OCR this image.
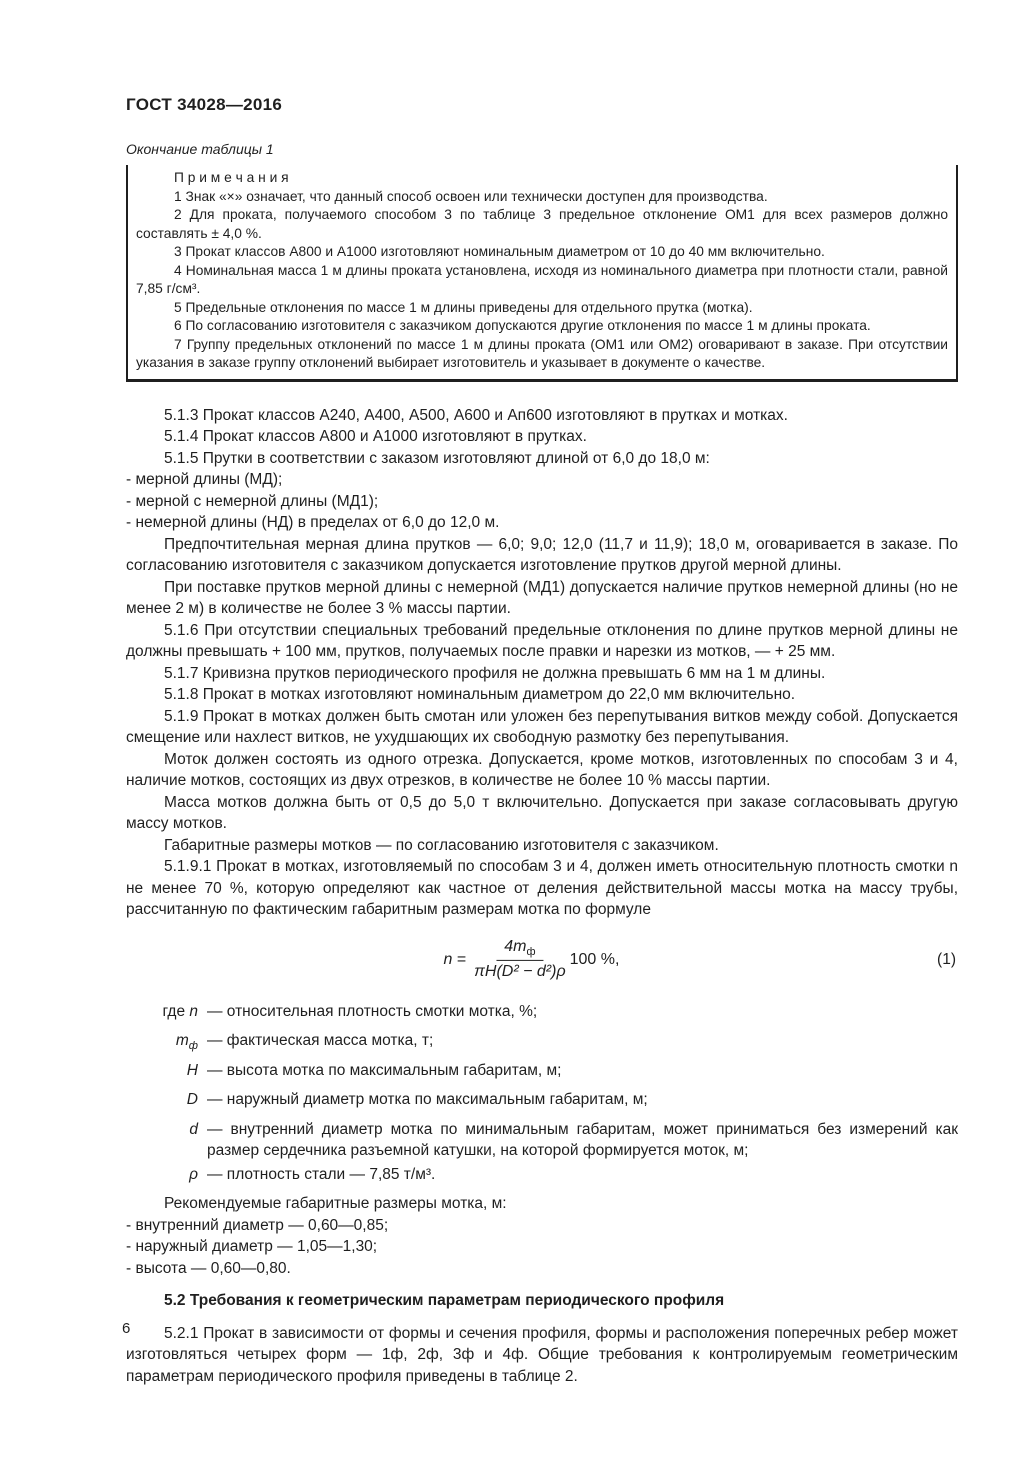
ГОСТ 34028—2016

Окончание таблицы 1

П р и м е ч а н и я

1 Знак «×» означает, что данный способ освоен или технически доступен для производства.

2 Для проката, получаемого способом 3 по таблице 3 предельное отклонение ОМ1 для всех размеров должно составлять ± 4,0 %.

3 Прокат классов А800 и А1000 изготовляют номинальным диаметром от 10 до 40 мм включительно.

4 Номинальная масса 1 м длины проката установлена, исходя из номинального диаметра при плотности стали, равной 7,85 г/см³.

5 Предельные отклонения по массе 1 м длины приведены для отдельного прутка (мотка).

6 По согласованию изготовителя с заказчиком допускаются другие отклонения по массе 1 м длины проката.

7 Группу предельных отклонений по массе 1 м длины проката (ОМ1 или ОМ2) оговаривают в заказе. При отсутствии указания в заказе группу отклонений выбирает изготовитель и указывает в документе о качестве.

5.1.3 Прокат классов А240, А400, А500, А600 и Ап600 изготовляют в прутках и мотках.

5.1.4 Прокат классов А800 и А1000 изготовляют в прутках.

5.1.5 Прутки в соответствии с заказом изготовляют длиной от 6,0 до 18,0 м:

- мерной длины (МД);

- мерной с немерной длины (МД1);

- немерной длины (НД) в пределах от 6,0 до 12,0 м.

Предпочтительная мерная длина прутков — 6,0; 9,0; 12,0 (11,7 и 11,9); 18,0 м, оговаривается в заказе. По согласованию изготовителя с заказчиком допускается изготовление прутков другой мерной длины.

При поставке прутков мерной длины с немерной (МД1) допускается наличие прутков немерной длины (но не менее 2 м) в количестве не более 3 % массы партии.

5.1.6 При отсутствии специальных требований предельные отклонения по длине прутков мерной длины не должны превышать + 100 мм, прутков, получаемых после правки и нарезки из мотков, — + 25 мм.

5.1.7 Кривизна прутков периодического профиля не должна превышать 6 мм на 1 м длины.

5.1.8 Прокат в мотках изготовляют номинальным диаметром до 22,0 мм включительно.

5.1.9 Прокат в мотках должен быть смотан или уложен без перепутывания витков между собой. Допускается смещение или нахлест витков, не ухудшающих их свободную размотку без перепутывания.

Моток должен состоять из одного отрезка. Допускается, кроме мотков, изготовленных по способам 3 и 4, наличие мотков, состоящих из двух отрезков, в количестве не более 10 % массы партии.

Масса мотков должна быть от 0,5 до 5,0 т включительно. Допускается при заказе согласовывать другую массу мотков.

Габаритные размеры мотков — по согласованию изготовителя с заказчиком.

5.1.9.1 Прокат в мотках, изготовляемый по способам 3 и 4, должен иметь относительную плотность смотки n не менее 70 %, которую определяют как частное от деления действительной массы мотка на массу трубы, рассчитанную по фактическим габаритным размерам мотка по формуле

$n = \frac{4m_ф}{\text{πH(D² − d²)ρ}} 100$ %,	(1)
где n — относительная плотность смотки мотка, %;
$m_ф$ — фактическая масса мотка, т;
H — высота мотка по максимальным габаритам, м;
D — наружный диаметр мотка по максимальным габаритам, м;
d — внутренний диаметр мотка по минимальным габаритам, может приниматься без измерений как размер сердечника разъемной катушки, на которой формируется моток, м;
ρ — плотность стали — 7,85 т/м³.

Рекомендуемые габаритные размеры мотка, м:

- внутренний диаметр — 0,60—0,85;

- наружный диаметр — 1,05—1,30;

- высота — 0,60—0,80.

5.2 Требования к геометрическим параметрам периодического профиля

5.2.1 Прокат в зависимости от формы и сечения профиля, формы и расположения поперечных ребер может изготовляться четырех форм — 1ф, 2ф, 3ф и 4ф. Общие требования к контролируемым геометрическим параметрам периодического профиля приведены в таблице 2.

6
